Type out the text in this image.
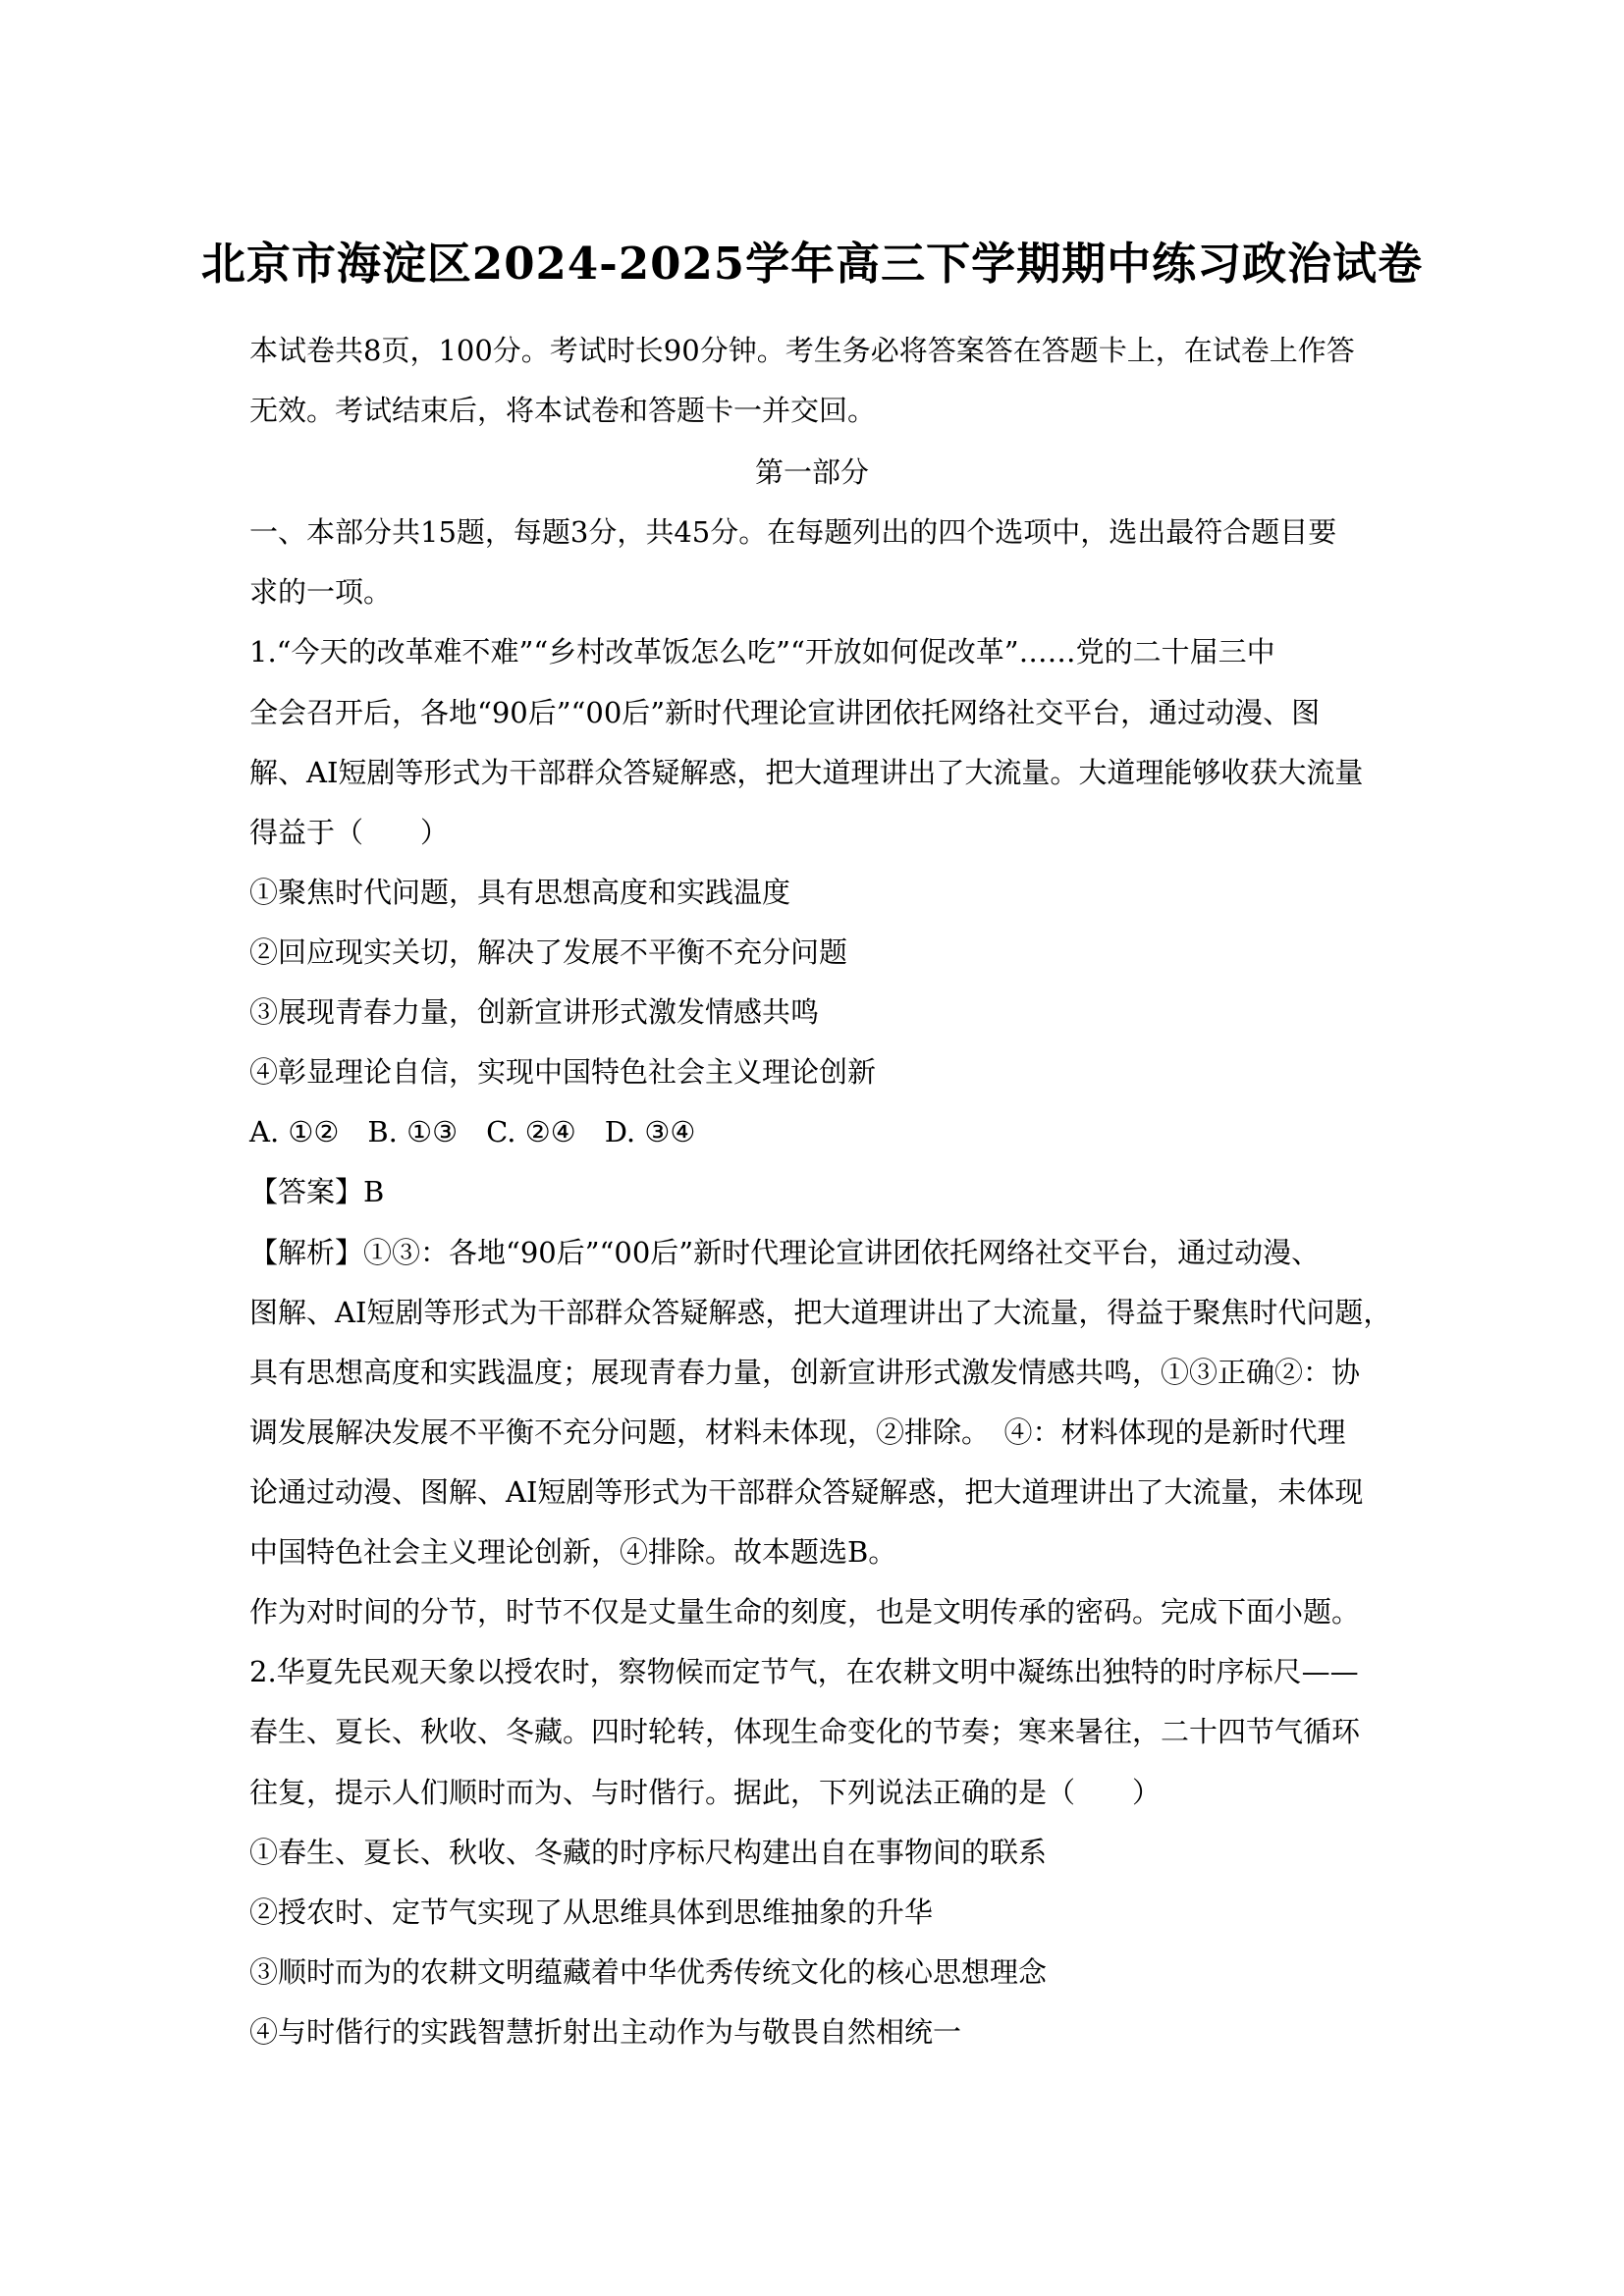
北京市海淀区2024-2025学年高三下学期期中练习政治试卷
本试卷共8页，100分。考试时长90分钟。考生务必将答案答在答题卡上，在试卷上作答
无效。考试结束后，将本试卷和答题卡一并交回。
第一部分
一、本部分共15题，每题3分，共45分。在每题列出的四个选项中，选出最符合题目要
求的一项。
1.“今天的改革难不难”“乡村改革饭怎么吃”“开放如何促改革”……党的二十届三中
全会召开后，各地“90后”“00后”新时代理论宣讲团依托网络社交平台，通过动漫、图
解、AI短剧等形式为干部群众答疑解惑，把大道理讲出了大流量。大道理能够收获大流量
得益于（　　）
①聚焦时代问题，具有思想高度和实践温度
②回应现实关切，解决了发展不平衡不充分问题
③展现青春力量，创新宣讲形式激发情感共鸣
④彰显理论自信，实现中国特色社会主义理论创新
A. ①②　B. ①③　C. ②④　D. ③④
【答案】B
【解析】①③：各地“90后”“00后”新时代理论宣讲团依托网络社交平台，通过动漫、
图解、AI短剧等形式为干部群众答疑解惑，把大道理讲出了大流量，得益于聚焦时代问题，
具有思想高度和实践温度；展现青春力量，创新宣讲形式激发情感共鸣，①③正确②：协
调发展解决发展不平衡不充分问题，材料未体现，②排除。　④：材料体现的是新时代理
论通过动漫、图解、AI短剧等形式为干部群众答疑解惑，把大道理讲出了大流量，未体现
中国特色社会主义理论创新，④排除。故本题选B。
作为对时间的分节，时节不仅是丈量生命的刻度，也是文明传承的密码。完成下面小题。
2.华夏先民观天象以授农时，察物候而定节气，在农耕文明中凝练出独特的时序标尺——
春生、夏长、秋收、冬藏。四时轮转，体现生命变化的节奏；寒来暑往，二十四节气循环
往复，提示人们顺时而为、与时偕行。据此，下列说法正确的是（　　）
①春生、夏长、秋收、冬藏的时序标尺构建出自在事物间的联系
②授农时、定节气实现了从思维具体到思维抽象的升华
③顺时而为的农耕文明蕴藏着中华优秀传统文化的核心思想理念
④与时偕行的实践智慧折射出主动作为与敬畏自然相统一
